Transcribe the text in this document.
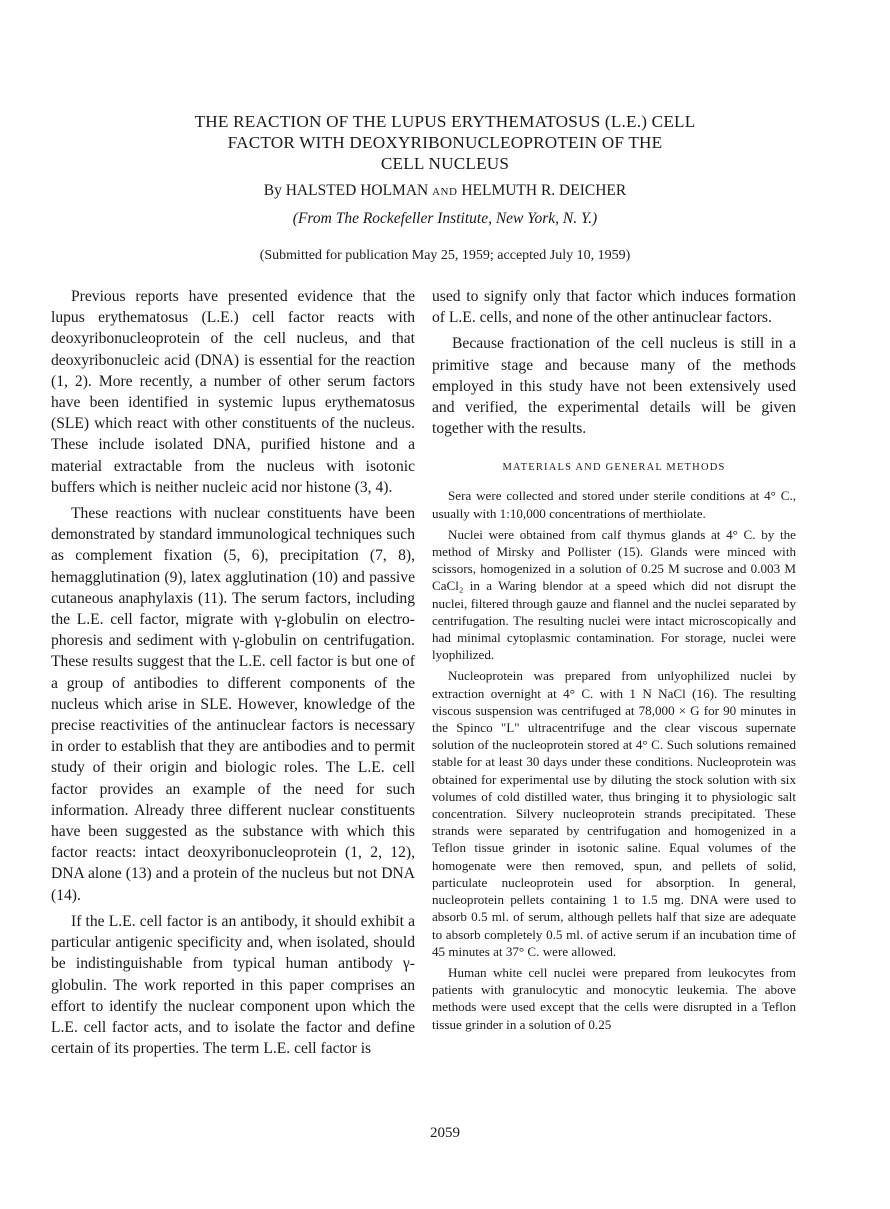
THE REACTION OF THE LUPUS ERYTHEMATOSUS (L.E.) CELL
FACTOR WITH DEOXYRIBONUCLEOPROTEIN OF THE
CELL NUCLEUS
By HALSTED HOLMAN AND HELMUTH R. DEICHER
(From The Rockefeller Institute, New York, N. Y.)
(Submitted for publication May 25, 1959; accepted July 10, 1959)

Previous reports have presented evidence that the lupus erythematosus (L.E.) cell factor reacts with deoxyribonucleoprotein of the cell nucleus, and that deoxyribonucleic acid (DNA) is essential for the reaction (1, 2). More recently, a number of other serum factors have been identified in systemic lupus erythematosus (SLE) which react with other constituents of the nucleus. These include isolated DNA, purified histone and a material extractable from the nucleus with isotonic buffers which is neither nucleic acid nor histone (3, 4).

These reactions with nuclear constituents have been demonstrated by standard immunological techniques such as complement fixation (5, 6), precipitation (7, 8), hemagglutination (9), latex agglutination (10) and passive cutaneous anaphylaxis (11). The serum factors, including the L.E. cell factor, migrate with γ-globulin on electrophoresis and sediment with γ-globulin on centrifugation. These results suggest that the L.E. cell factor is but one of a group of antibodies to different components of the nucleus which arise in SLE. However, knowledge of the precise reactivities of the antinuclear factors is necessary in order to establish that they are antibodies and to permit study of their origin and biologic roles. The L.E. cell factor provides an example of the need for such information. Already three different nuclear constituents have been suggested as the substance with which this factor reacts: intact deoxyribonucleoprotein (1, 2, 12), DNA alone (13) and a protein of the nucleus but not DNA (14).

If the L.E. cell factor is an antibody, it should exhibit a particular antigenic specificity and, when isolated, should be indistinguishable from typical human antibody γ-globulin. The work reported in this paper comprises an effort to identify the nuclear component upon which the L.E. cell factor acts, and to isolate the factor and define certain of its properties. The term L.E. cell factor is

used to signify only that factor which induces formation of L.E. cells, and none of the other antinuclear factors.

Because fractionation of the cell nucleus is still in a primitive stage and because many of the methods employed in this study have not been extensively used and verified, the experimental details will be given together with the results.

MATERIALS AND GENERAL METHODS

Sera were collected and stored under sterile conditions at 4° C., usually with 1:10,000 concentrations of merthiolate.

Nuclei were obtained from calf thymus glands at 4° C. by the method of Mirsky and Pollister (15). Glands were minced with scissors, homogenized in a solution of 0.25 M sucrose and 0.003 M CaCl₂ in a Waring blendor at a speed which did not disrupt the nuclei, filtered through gauze and flannel and the nuclei separated by centrifugation. The resulting nuclei were intact microscopically and had minimal cytoplasmic contamination. For storage, nuclei were lyophilized.

Nucleoprotein was prepared from unlyophilized nuclei by extraction overnight at 4° C. with 1 N NaCl (16). The resulting viscous suspension was centrifuged at 78,000 × G for 90 minutes in the Spinco "L" ultracentrifuge and the clear viscous supernate solution of the nucleoprotein stored at 4° C. Such solutions remained stable for at least 30 days under these conditions. Nucleoprotein was obtained for experimental use by diluting the stock solution with six volumes of cold distilled water, thus bringing it to physiologic salt concentration. Silvery nucleoprotein strands precipitated. These strands were separated by centrifugation and homogenized in a Teflon tissue grinder in isotonic saline. Equal volumes of the homogenate were then removed, spun, and pellets of solid, particulate nucleoprotein used for absorption. In general, nucleoprotein pellets containing 1 to 1.5 mg. DNA were used to absorb 0.5 ml. of serum, although pellets half that size are adequate to absorb completely 0.5 ml. of active serum if an incubation time of 45 minutes at 37° C. were allowed.

Human white cell nuclei were prepared from leukocytes from patients with granulocytic and monocytic leukemia. The above methods were used except that the cells were disrupted in a Teflon tissue grinder in a solution of 0.25

2059
